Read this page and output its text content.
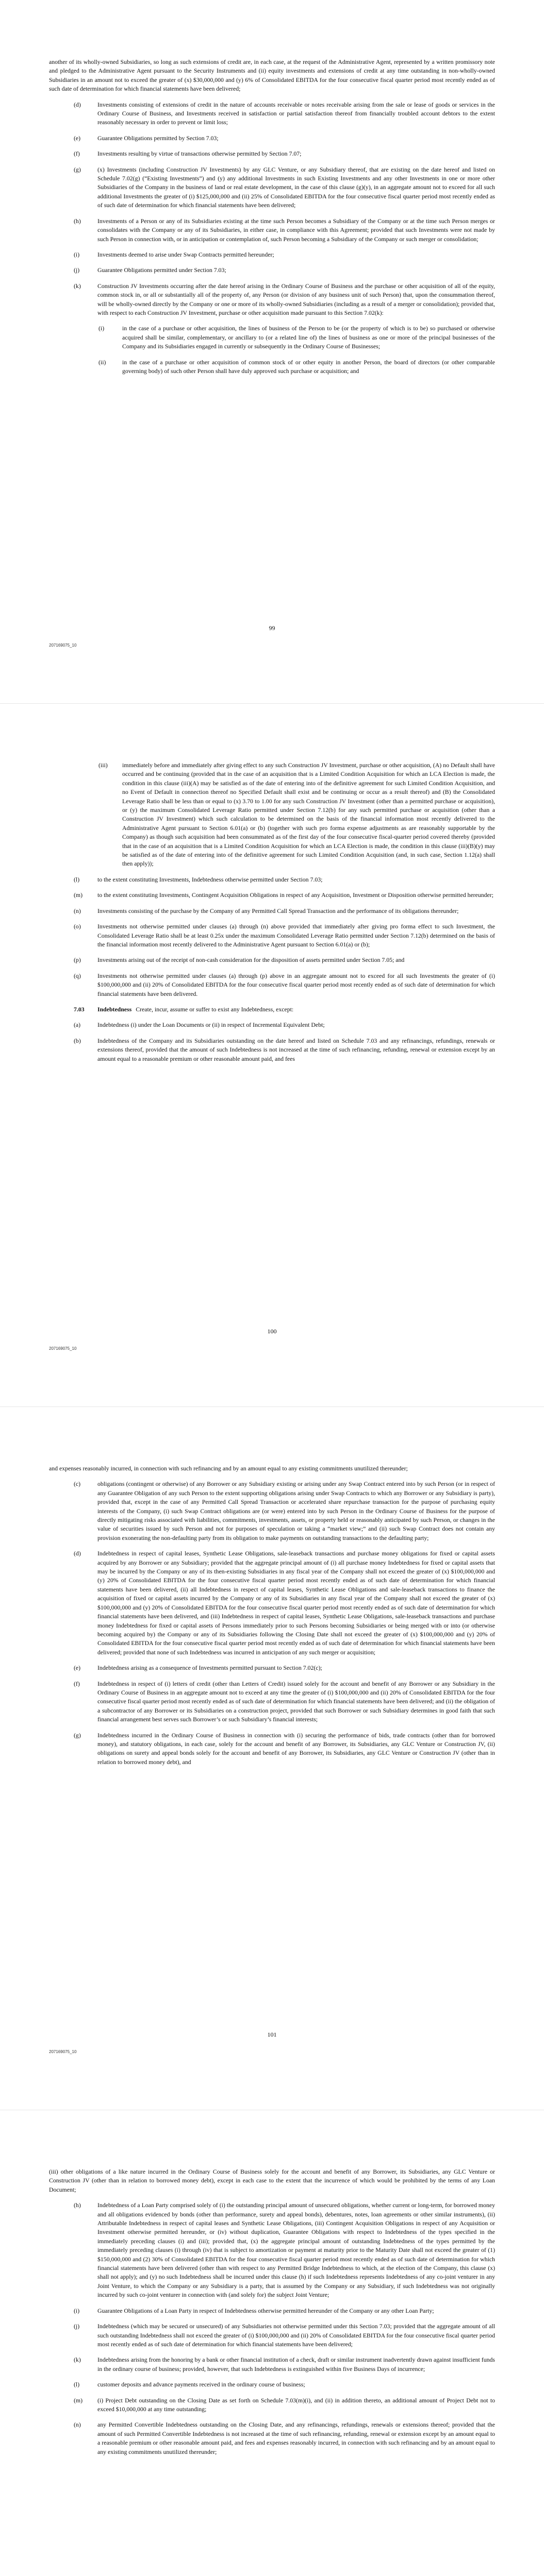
another of its wholly-owned Subsidiaries, so long as such extensions of credit are, in each case, at the request of the Administrative Agent, represented by a written promissory note and pledged to the Administrative Agent pursuant to the Security Instruments and (ii) equity investments and extensions of credit at any time outstanding in non-wholly-owned Subsidiaries in an amount not to exceed the greater of (x) $30,000,000 and (y) 6% of Consolidated EBITDA for the four consecutive fiscal quarter period most recently ended as of such date of determination for which financial statements have been delivered;

(d)	Investments consisting of extensions of credit in the nature of accounts receivable or notes receivable arising from the sale or lease of goods or services in the Ordinary Course of Business, and Investments received in satisfaction or partial satisfaction thereof from financially troubled account debtors to the extent reasonably necessary in order to prevent or limit loss;
(e)	Guarantee Obligations permitted by Section 7.03;
(f)	Investments resulting by virtue of transactions otherwise permitted by Section 7.07;
(g)	(x) Investments (including Construction JV Investments) by any GLC Venture, or any Subsidiary thereof, that are existing on the date hereof and listed on Schedule 7.02(g) (“Existing Investments”) and (y) any additional Investments in such Existing Investments and any other Investments in one or more other Subsidiaries of the Company in the business of land or real estate development, in the case of this clause (g)(y), in an aggregate amount not to exceed for all such additional Investments the greater of (i) $125,000,000 and (ii) 25% of Consolidated EBITDA for the four consecutive fiscal quarter period most recently ended as of such date of determination for which financial statements have been delivered;
(h)	Investments of a Person or any of its Subsidiaries existing at the time such Person becomes a Subsidiary of the Company or at the time such Person merges or consolidates with the Company or any of its Subsidiaries, in either case, in compliance with this Agreement; provided that such Investments were not made by such Person in connection with, or in anticipation or contemplation of, such Person becoming a Subsidiary of the Company or such merger or consolidation;
(i)	Investments deemed to arise under Swap Contracts permitted hereunder;
(j)	Guarantee Obligations permitted under Section 7.03;
(k)	Construction JV Investments occurring after the date hereof arising in the Ordinary Course of Business and the purchase or other acquisition of all of the equity, common stock in, or all or substantially all of the property of, any Person (or division of any business unit of such Person) that, upon the consummation thereof, will be wholly-owned directly by the Company or one or more of its wholly-owned Subsidiaries (including as a result of a merger or consolidation); provided that, with respect to each Construction JV Investment, purchase or other acquisition made pursuant to this Section 7.02(k):
(i)	in the case of a purchase or other acquisition, the lines of business of the Person to be (or the property of which is to be) so purchased or otherwise acquired shall be similar, complementary, or ancillary to (or a related line of) the lines of business as one or more of the principal businesses of the Company and its Subsidiaries engaged in currently or subsequently in the Ordinary Course of Businesses;
(ii)	in the case of a purchase or other acquisition of common stock of or other equity in another Person, the board of directors (or other comparable governing body) of such other Person shall have duly approved such purchase or acquisition; and
99
207169075_10
(iii)	immediately before and immediately after giving effect to any such Construction JV Investment, purchase or other acquisition, (A) no Default shall have occurred and be continuing (provided that in the case of an acquisition that is a Limited Condition Acquisition for which an LCA Election is made, the condition in this clause (iii)(A) may be satisfied as of the date of entering into of the definitive agreement for such Limited Condition Acquisition, and no Event of Default in connection thereof no Specified Default shall exist and be continuing or occur as a result thereof) and (B) the Consolidated Leverage Ratio shall be less than or equal to (x) 3.70 to 1.00 for any such Construction JV Investment (other than a permitted purchase or acquisition), or (y) the maximum Consolidated Leverage Ratio permitted under Section 7.12(b) for any such permitted purchase or acquisition (other than a Construction JV Investment) which such calculation to be determined on the basis of the financial information most recently delivered to the Administrative Agent pursuant to Section 6.01(a) or (b) (together with such pro forma expense adjustments as are reasonably supportable by the Company) as though such acquisition had been consummated as of the first day of the four consecutive fiscal-quarter period covered thereby (provided that in the case of an acquisition that is a Limited Condition Acquisition for which an LCA Election is made, the condition in this clause (iii)(B)(y) may be satisfied as of the date of entering into of the definitive agreement for such Limited Condition Acquisition (and, in such case, Section 1.12(a) shall then apply));
(l)	to the extent constituting Investments, Indebtedness otherwise permitted under Section 7.03;
(m)	to the extent constituting Investments, Contingent Acquisition Obligations in respect of any Acquisition, Investment or Disposition otherwise permitted hereunder;
(n)	Investments consisting of the purchase by the Company of any Permitted Call Spread Transaction and the performance of its obligations thereunder;
(o)	Investments not otherwise permitted under clauses (a) through (n) above provided that immediately after giving pro forma effect to such Investment, the Consolidated Leverage Ratio shall be at least 0.25x under the maximum Consolidated Leverage Ratio permitted under Section 7.12(b) determined on the basis of the financial information most recently delivered to the Administrative Agent pursuant to Section 6.01(a) or (b);
(p)	Investments arising out of the receipt of non-cash consideration for the disposition of assets permitted under Section 7.05; and
(q)	Investments not otherwise permitted under clauses (a) through (p) above in an aggregate amount not to exceed for all such Investments the greater of (i) $100,000,000 and (ii) 20% of Consolidated EBITDA for the four consecutive fiscal quarter period most recently ended as of such date of determination for which financial statements have been delivered.

7.03 Indebtedness Create, incur, assume or suffer to exist any Indebtedness, except:

(a)	Indebtedness (i) under the Loan Documents or (ii) in respect of Incremental Equivalent Debt;
(b)	Indebtedness of the Company and its Subsidiaries outstanding on the date hereof and listed on Schedule 7.03 and any refinancings, refundings, renewals or extensions thereof, provided that the amount of such Indebtedness is not increased at the time of such refinancing, refunding, renewal or extension except by an amount equal to a reasonable premium or other reasonable amount paid, and fees
100
207169075_10

and expenses reasonably incurred, in connection with such refinancing and by an amount equal to any existing commitments unutilized thereunder;

(c)	obligations (contingent or otherwise) of any Borrower or any Subsidiary existing or arising under any Swap Contract entered into by such Person (or in respect of any Guarantee Obligation of any such Person to the extent supporting obligations arising under Swap Contracts to which any Borrower or any Subsidiary is party), provided that, except in the case of any Permitted Call Spread Transaction or accelerated share repurchase transaction for the purpose of purchasing equity interests of the Company, (i) such Swap Contract obligations are (or were) entered into by such Person in the Ordinary Course of Business for the purpose of directly mitigating risks associated with liabilities, commitments, investments, assets, or property held or reasonably anticipated by such Person, or changes in the value of securities issued by such Person and not for purposes of speculation or taking a “market view;” and (ii) such Swap Contract does not contain any provision exonerating the non-defaulting party from its obligation to make payments on outstanding transactions to the defaulting party;
(d)	Indebtedness in respect of capital leases, Synthetic Lease Obligations, sale-leaseback transactions and purchase money obligations for fixed or capital assets acquired by any Borrower or any Subsidiary; provided that the aggregate principal amount of (i) all purchase money Indebtedness for fixed or capital assets that may be incurred by the Company or any of its then-existing Subsidiaries in any fiscal year of the Company shall not exceed the greater of (x) $100,000,000 and (y) 20% of Consolidated EBITDA for the four consecutive fiscal quarter period most recently ended as of such date of determination for which financial statements have been delivered, (ii) all Indebtedness in respect of capital leases, Synthetic Lease Obligations and sale-leaseback transactions to finance the acquisition of fixed or capital assets incurred by the Company or any of its Subsidiaries in any fiscal year of the Company shall not exceed the greater of (x) $100,000,000 and (y) 20% of Consolidated EBITDA for the four consecutive fiscal quarter period most recently ended as of such date of determination for which financial statements have been delivered, and (iii) Indebtedness in respect of capital leases, Synthetic Lease Obligations, sale-leaseback transactions and purchase money Indebtedness for fixed or capital assets of Persons immediately prior to such Persons becoming Subsidiaries or being merged with or into (or otherwise becoming acquired by) the Company or any of its Subsidiaries following the Closing Date shall not exceed the greater of (x) $100,000,000 and (y) 20% of Consolidated EBITDA for the four consecutive fiscal quarter period most recently ended as of such date of determination for which financial statements have been delivered; provided that none of such Indebtedness was incurred in anticipation of any such merger or acquisition;
(e)	Indebtedness arising as a consequence of Investments permitted pursuant to Section 7.02(c);
(f)	Indebtedness in respect of (i) letters of credit (other than Letters of Credit) issued solely for the account and benefit of any Borrower or any Subsidiary in the Ordinary Course of Business in an aggregate amount not to exceed at any time the greater of (i) $100,000,000 and (ii) 20% of Consolidated EBITDA for the four consecutive fiscal quarter period most recently ended as of such date of determination for which financial statements have been delivered; and (ii) the obligation of a subcontractor of any Borrower or its Subsidiaries on a construction project, provided that such Borrower or such Subsidiary determines in good faith that such financial arrangement best serves such Borrower’s or such Subsidiary’s financial interests;
(g)	Indebtedness incurred in the Ordinary Course of Business in connection with (i) securing the performance of bids, trade contracts (other than for borrowed money), and statutory obligations, in each case, solely for the account and benefit of any Borrower, its Subsidiaries, any GLC Venture or Construction JV, (ii) obligations on surety and appeal bonds solely for the account and benefit of any Borrower, its Subsidiaries, any GLC Venture or Construction JV (other than in relation to borrowed money debt), and
101
207169075_10

(iii) other obligations of a like nature incurred in the Ordinary Course of Business solely for the account and benefit of any Borrower, its Subsidiaries, any GLC Venture or Construction JV (other than in relation to borrowed money debt), except in each case to the extent that the incurrence of which would be prohibited by the terms of any Loan Document;

(h)	Indebtedness of a Loan Party comprised solely of (i) the outstanding principal amount of unsecured obligations, whether current or long-term, for borrowed money and all obligations evidenced by bonds (other than performance, surety and appeal bonds), debentures, notes, loan agreements or other similar instruments), (ii) Attributable Indebtedness in respect of capital leases and Synthetic Lease Obligations, (iii) Contingent Acquisition Obligations in respect of any Acquisition or Investment otherwise permitted hereunder, or (iv) without duplication, Guarantee Obligations with respect to Indebtedness of the types specified in the immediately preceding clauses (i) and (iii); provided that, (x) the aggregate principal amount of outstanding Indebtedness of the types permitted by the immediately preceding clauses (i) through (iv) that is subject to amortization or payment at maturity prior to the Maturity Date shall not exceed the greater of (1) $150,000,000 and (2) 30% of Consolidated EBITDA for the four consecutive fiscal quarter period most recently ended as of such date of determination for which financial statements have been delivered (other than with respect to any Permitted Bridge Indebtedness to which, at the election of the Company, this clause (x) shall not apply); and (y) no such Indebtedness shall be incurred under this clause (h) if such Indebtedness represents Indebtedness of any co-joint venturer in any Joint Venture, to which the Company or any Subsidiary is a party, that is assumed by the Company or any Subsidiary, if such Indebtedness was not originally incurred by such co-joint venturer in connection with (and solely for) the subject Joint Venture;
(i)	Guarantee Obligations of a Loan Party in respect of Indebtedness otherwise permitted hereunder of the Company or any other Loan Party;
(j)	Indebtedness (which may be secured or unsecured) of any Subsidiaries not otherwise permitted under this Section 7.03; provided that the aggregate amount of all such outstanding Indebtedness shall not exceed the greater of (i) $100,000,000 and (ii) 20% of Consolidated EBITDA for the four consecutive fiscal quarter period most recently ended as of such date of determination for which financial statements have been delivered;
(k)	Indebtedness arising from the honoring by a bank or other financial institution of a check, draft or similar instrument inadvertently drawn against insufficient funds in the ordinary course of business; provided, however, that such Indebtedness is extinguished within five Business Days of incurrence;
(l)	customer deposits and advance payments received in the ordinary course of business;
(m)	(i) Project Debt outstanding on the Closing Date as set forth on Schedule 7.03(m)(i), and (ii) in addition thereto, an additional amount of Project Debt not to exceed $10,000,000 at any time outstanding;
(n)	any Permitted Convertible Indebtedness outstanding on the Closing Date, and any refinancings, refundings, renewals or extensions thereof; provided that the amount of such Permitted Convertible Indebtedness is not increased at the time of such refinancing, refunding, renewal or extension except by an amount equal to a reasonable premium or other reasonable amount paid, and fees and expenses reasonably incurred, in connection with such refinancing and by an amount equal to any existing commitments unutilized thereunder;
